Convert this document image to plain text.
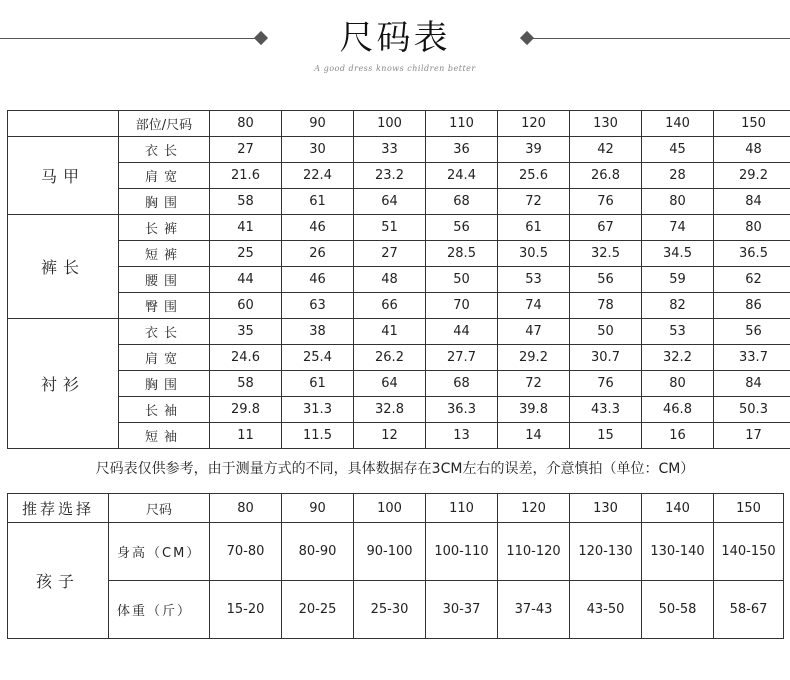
尺码表
A good dress knows children better
	部位/尺码	80	90	100	110	120	130	140	150
马甲	衣长	27	30	33	36	39	42	45	48
	肩宽	21.6	22.4	23.2	24.4	25.6	26.8	28	29.2
	胸围	58	61	64	68	72	76	80	84
裤长	长裤	41	46	51	56	61	67	74	80
	短裤	25	26	27	28.5	30.5	32.5	34.5	36.5
	腰围	44	46	48	50	53	56	59	62
	臀围	60	63	66	70	74	78	82	86
衬衫	衣长	35	38	41	44	47	50	53	56
	肩宽	24.6	25.4	26.2	27.7	29.2	30.7	32.2	33.7
	胸围	58	61	64	68	72	76	80	84
	长袖	29.8	31.3	32.8	36.3	39.8	43.3	46.8	50.3
	短袖	11	11.5	12	13	14	15	16	17
尺码表仅供参考，由于测量方式的不同，具体数据存在3CM左右的误差，介意慎拍（单位：CM）
推荐选择	尺码	80	90	100	110	120	130	140	150
孩子	身高（CM）	70-80	80-90	90-100	100-110	110-120	120-130	130-140	140-150
	体重（斤）	15-20	20-25	25-30	30-37	37-43	43-50	50-58	58-67
